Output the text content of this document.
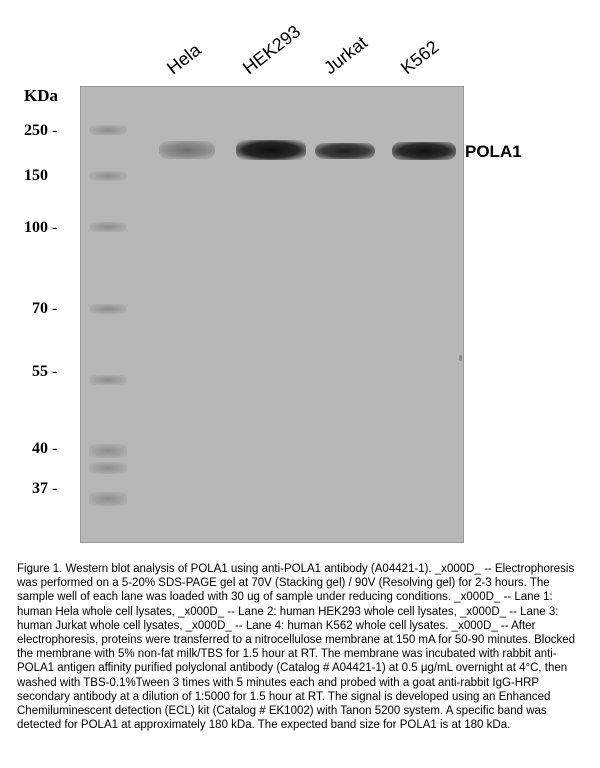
Hela HEK293 Jurkat K562
KDa
250 -
150
100 -
70 -
55 -
40 -
37 -
POLA1

Figure 1. Western blot analysis of POLA1 using anti-POLA1 antibody (A04421-1). _x000D_ -- Electrophoresis was performed on a 5-20% SDS-PAGE gel at 70V (Stacking gel) / 90V (Resolving gel) for 2-3 hours. The sample well of each lane was loaded with 30 ug of sample under reducing conditions. _x000D_ -- Lane 1: human Hela whole cell lysates, _x000D_ -- Lane 2: human HEK293 whole cell lysates, _x000D_ -- Lane 3: human Jurkat whole cell lysates, _x000D_ -- Lane 4: human K562 whole cell lysates. _x000D_ -- After electrophoresis, proteins were transferred to a nitrocellulose membrane at 150 mA for 50-90 minutes. Blocked the membrane with 5% non-fat milk/TBS for 1.5 hour at RT. The membrane was incubated with rabbit anti-POLA1 antigen affinity purified polyclonal antibody (Catalog # A04421-1) at 0.5 μg/mL overnight at 4°C, then washed with TBS-0.1%Tween 3 times with 5 minutes each and probed with a goat anti-rabbit IgG-HRP secondary antibody at a dilution of 1:5000 for 1.5 hour at RT. The signal is developed using an Enhanced Chemiluminescent detection (ECL) kit (Catalog # EK1002) with Tanon 5200 system. A specific band was detected for POLA1 at approximately 180 kDa. The expected band size for POLA1 is at 180 kDa.
